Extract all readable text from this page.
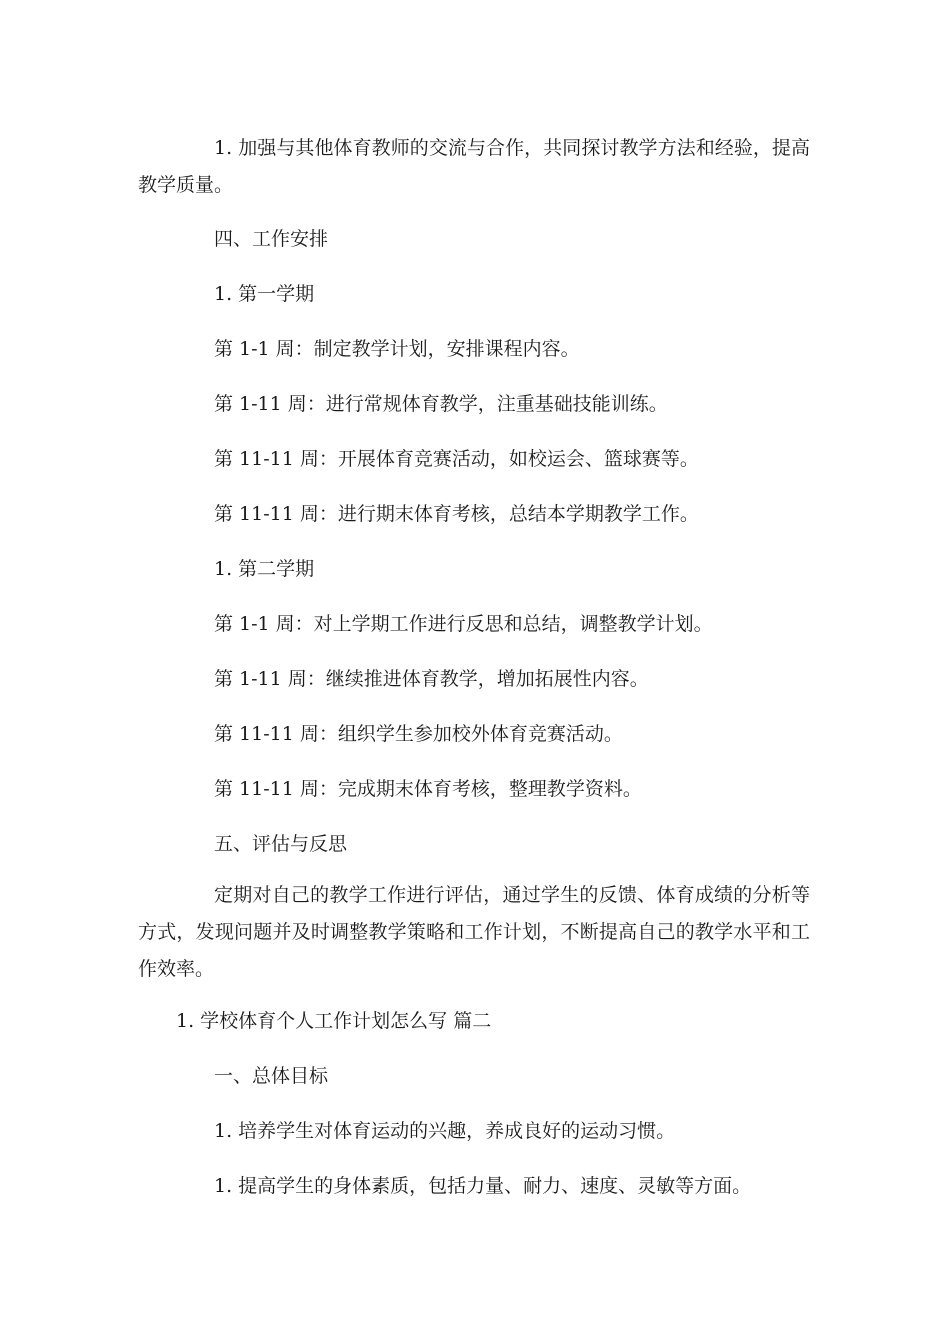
1. 加强与其他体育教师的交流与合作，共同探讨教学方法和经验，提高教学质量。

四、工作安排
1. 第一学期
第 1-1 周：制定教学计划，安排课程内容。
第 1-11 周：进行常规体育教学，注重基础技能训练。
第 11-11 周：开展体育竞赛活动，如校运会、篮球赛等。
第 11-11 周：进行期末体育考核，总结本学期教学工作。
1. 第二学期
第 1-1 周：对上学期工作进行反思和总结，调整教学计划。
第 1-11 周：继续推进体育教学，增加拓展性内容。
第 11-11 周：组织学生参加校外体育竞赛活动。
第 11-11 周：完成期末体育考核，整理教学资料。
五、评估与反思

定期对自己的教学工作进行评估，通过学生的反馈、体育成绩的分析等方式，发现问题并及时调整教学策略和工作计划，不断提高自己的教学水平和工作效率。

1. 学校体育个人工作计划怎么写 篇二
一、总体目标
1. 培养学生对体育运动的兴趣，养成良好的运动习惯。
1. 提高学生的身体素质，包括力量、耐力、速度、灵敏等方面。
